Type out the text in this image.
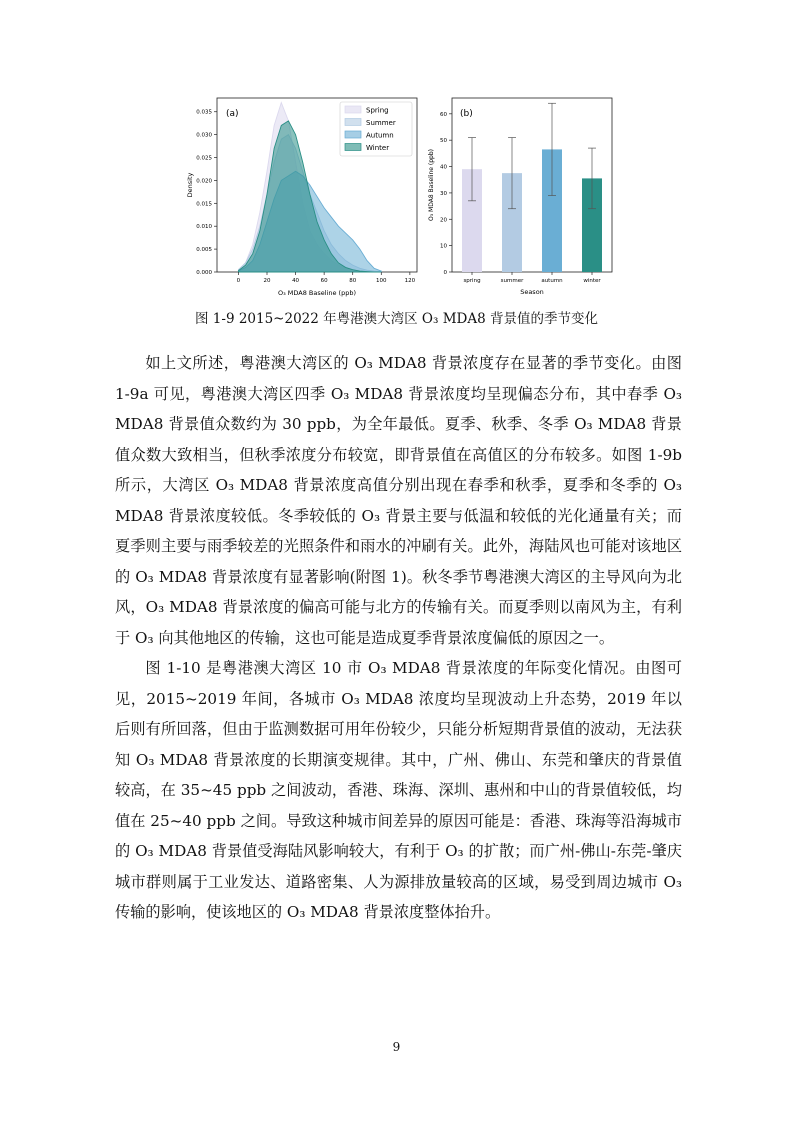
0.000
0.005
0.010
0.015
0.020
0.025
0.030
0.035
0	20	40	60	80	100	120
(a)
O₃ MDA8 Baseline (ppb)
Density
Spring
Summer
Autumn
Winter
0
10
20
30
40
50
60
spring	summer	autumn	winter
(b)
Season
O₃ MDA8 Baseline (ppb)
图 1-9 2015~2022 年粤港澳大湾区 O₃ MDA8 背景值的季节变化

如上文所述，粤港澳大湾区的 O₃ MDA8 背景浓度存在显著的季节变化。由图 1-9a 可见，粤港澳大湾区四季 O₃ MDA8 背景浓度均呈现偏态分布，其中春季 O₃ MDA8 背景值众数约为 30 ppb，为全年最低。夏季、秋季、冬季 O₃ MDA8 背景值众数大致相当，但秋季浓度分布较宽，即背景值在高值区的分布较多。如图 1-9b 所示，大湾区 O₃ MDA8 背景浓度高值分别出现在春季和秋季，夏季和冬季的 O₃ MDA8 背景浓度较低。冬季较低的 O₃ 背景主要与低温和较低的光化通量有关；而夏季则主要与雨季较差的光照条件和雨水的冲刷有关。此外，海陆风也可能对该地区的 O₃ MDA8 背景浓度有显著影响(附图 1)。秋冬季节粤港澳大湾区的主导风向为北风，O₃ MDA8 背景浓度的偏高可能与北方的传输有关。而夏季则以南风为主，有利于 O₃ 向其他地区的传输，这也可能是造成夏季背景浓度偏低的原因之一。

图 1-10 是粤港澳大湾区 10 市 O₃ MDA8 背景浓度的年际变化情况。由图可见，2015~2019 年间，各城市 O₃ MDA8 浓度均呈现波动上升态势，2019 年以后则有所回落，但由于监测数据可用年份较少，只能分析短期背景值的波动，无法获知 O₃ MDA8 背景浓度的长期演变规律。其中，广州、佛山、东莞和肇庆的背景值较高，在 35~45 ppb 之间波动，香港、珠海、深圳、惠州和中山的背景值较低，均值在 25~40 ppb 之间。导致这种城市间差异的原因可能是：香港、珠海等沿海城市的 O₃ MDA8 背景值受海陆风影响较大，有利于 O₃ 的扩散；而广州-佛山-东莞-肇庆城市群则属于工业发达、道路密集、人为源排放量较高的区域，易受到周边城市 O₃ 传输的影响，使该地区的 O₃ MDA8 背景浓度整体抬升。

9
